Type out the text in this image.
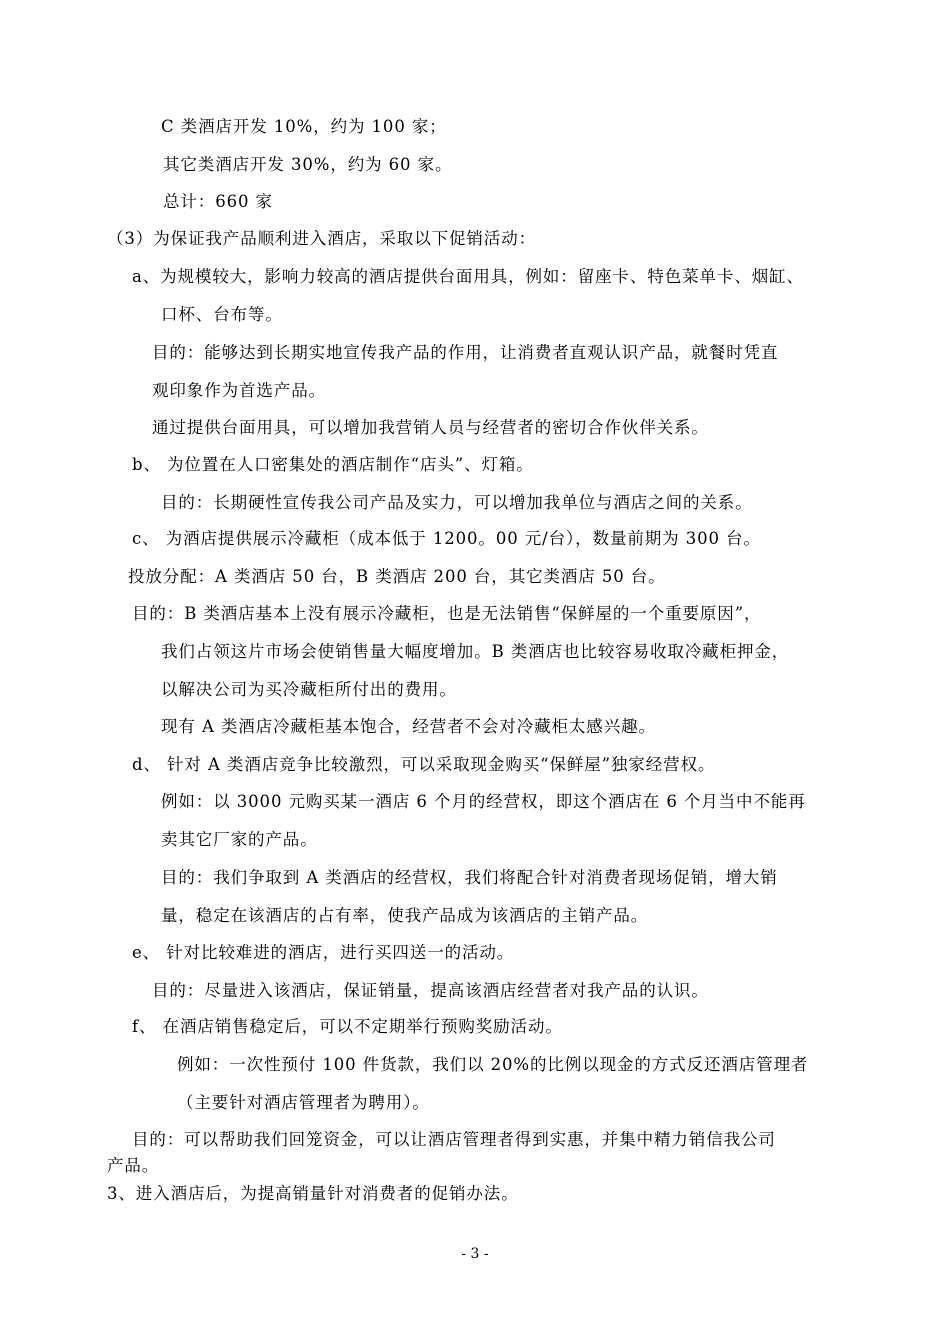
C 类酒店开发 10%，约为 100 家；
其它类酒店开发 30%，约为 60 家。
总计：660 家
（3）为保证我产品顺利进入酒店，采取以下促销活动：
a、为规模较大，影响力较高的酒店提供台面用具，例如：留座卡、特色菜单卡、烟缸、
口杯、台布等。
目的：能够达到长期实地宣传我产品的作用，让消费者直观认识产品，就餐时凭直
观印象作为首选产品。
通过提供台面用具，可以增加我营销人员与经营者的密切合作伙伴关系。
b、 为位置在人口密集处的酒店制作“店头”、灯箱。
目的：长期硬性宣传我公司产品及实力，可以增加我单位与酒店之间的关系。
c、 为酒店提供展示冷藏柜（成本低于 1200。00 元/台），数量前期为 300 台。
投放分配：A 类酒店 50 台，B 类酒店 200 台，其它类酒店 50 台。
目的：B 类酒店基本上没有展示冷藏柜，也是无法销售“保鲜屋的一个重要原因”，
我们占领这片市场会使销售量大幅度增加。B 类酒店也比较容易收取冷藏柜押金，
以解决公司为买冷藏柜所付出的费用。
现有 A 类酒店冷藏柜基本饱合，经营者不会对冷藏柜太感兴趣。
d、 针对 A 类酒店竞争比较激烈，可以采取现金购买“保鲜屋”独家经营权。
例如：以 3000 元购买某一酒店 6 个月的经营权，即这个酒店在 6 个月当中不能再
卖其它厂家的产品。
目的：我们争取到 A 类酒店的经营权，我们将配合针对消费者现场促销，增大销
量，稳定在该酒店的占有率，使我产品成为该酒店的主销产品。
e、 针对比较难进的酒店，进行买四送一的活动。
目的：尽量进入该酒店，保证销量，提高该酒店经营者对我产品的认识。
f、 在酒店销售稳定后，可以不定期举行预购奖励活动。
例如：一次性预付 100 件货款，我们以 20%的比例以现金的方式反还酒店管理者
（主要针对酒店管理者为聘用）。
目的：可以帮助我们回笼资金，可以让酒店管理者得到实惠，并集中精力销信我公司
产品。
3、进入酒店后，为提高销量针对消费者的促销办法。
- 3 -
